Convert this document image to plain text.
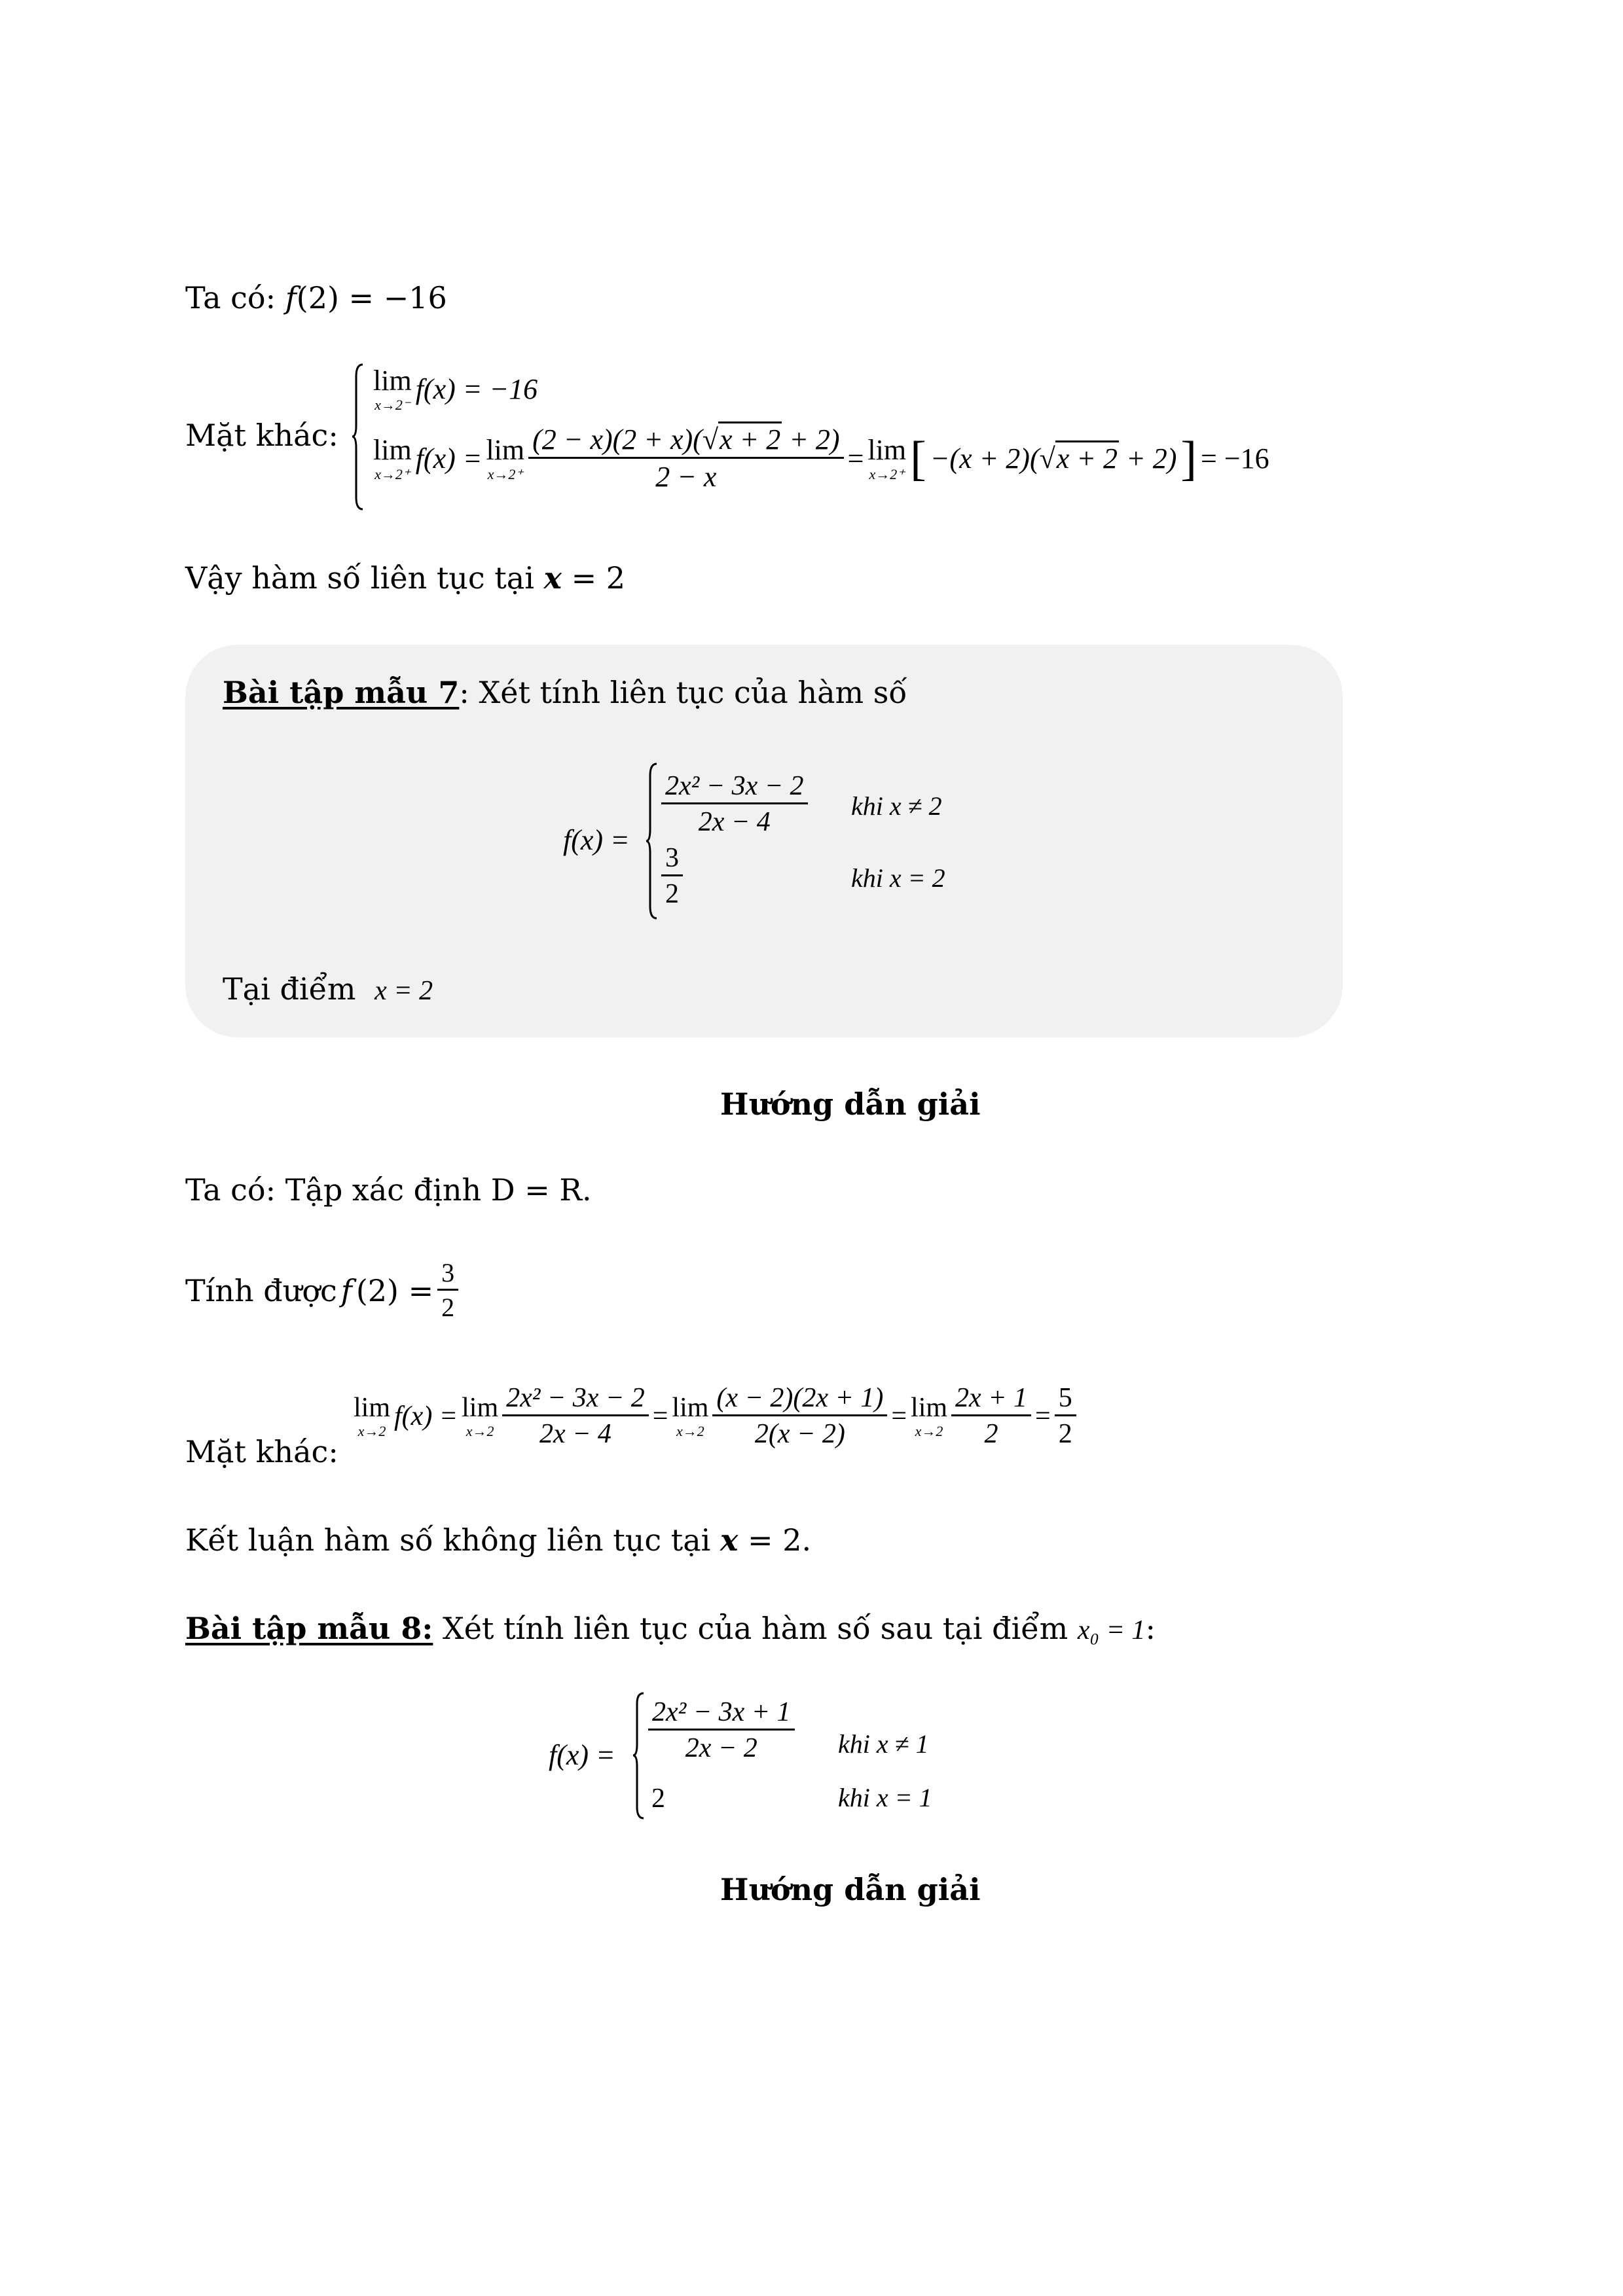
Ta có: f(2) = −16
Mặt khác:
lim
x→2⁻ f(x) = −16
lim
x→2⁺ f(x) = lim
$x\to 2^+ \frac{(2 - x)(2 + x)(√x + 2 + 2)}{2 - x} = \lim$
x→2⁺ [ −(x + 2)(√x + 2 + 2) ] = −16
Vậy hàm số liên tục tại x = 2
Bài tập mẫu 7: Xét tính liên tục của hàm số
f(x) =
$\frac{\text{2x² − 3x − 2}}{2x - 4}$ khi x ≠ 2
$\frac{3}{2}$	khi x = 2
Tại điểm x = 2
Hướng dẫn giải
Ta có: Tập xác định D = R.
Tính được f $(2) = \frac{3}{2}$
Mặt khác:
lim
x→2 f(x) = lim
$x\to 2 \frac{\text{2x² − 3x − 2}}{2x - 4} = \lim$
$x\to 2 \frac{(x - 2)(2x + 1)}{2(x - 2)} = \lim$
$x\to 2 \frac{2x + 1}{2} = \frac{5}{2}$
Kết luận hàm số không liên tục tại x = 2.
Bài tập mẫu 8: Xét tính liên tục của hàm số sau tại điểm x₀ = 1:
$f(x) = \frac{\text{2x² − 3x + 1}}{2x - 2}$ khi x ≠ 1
2	khi x = 1
Hướng dẫn giải
